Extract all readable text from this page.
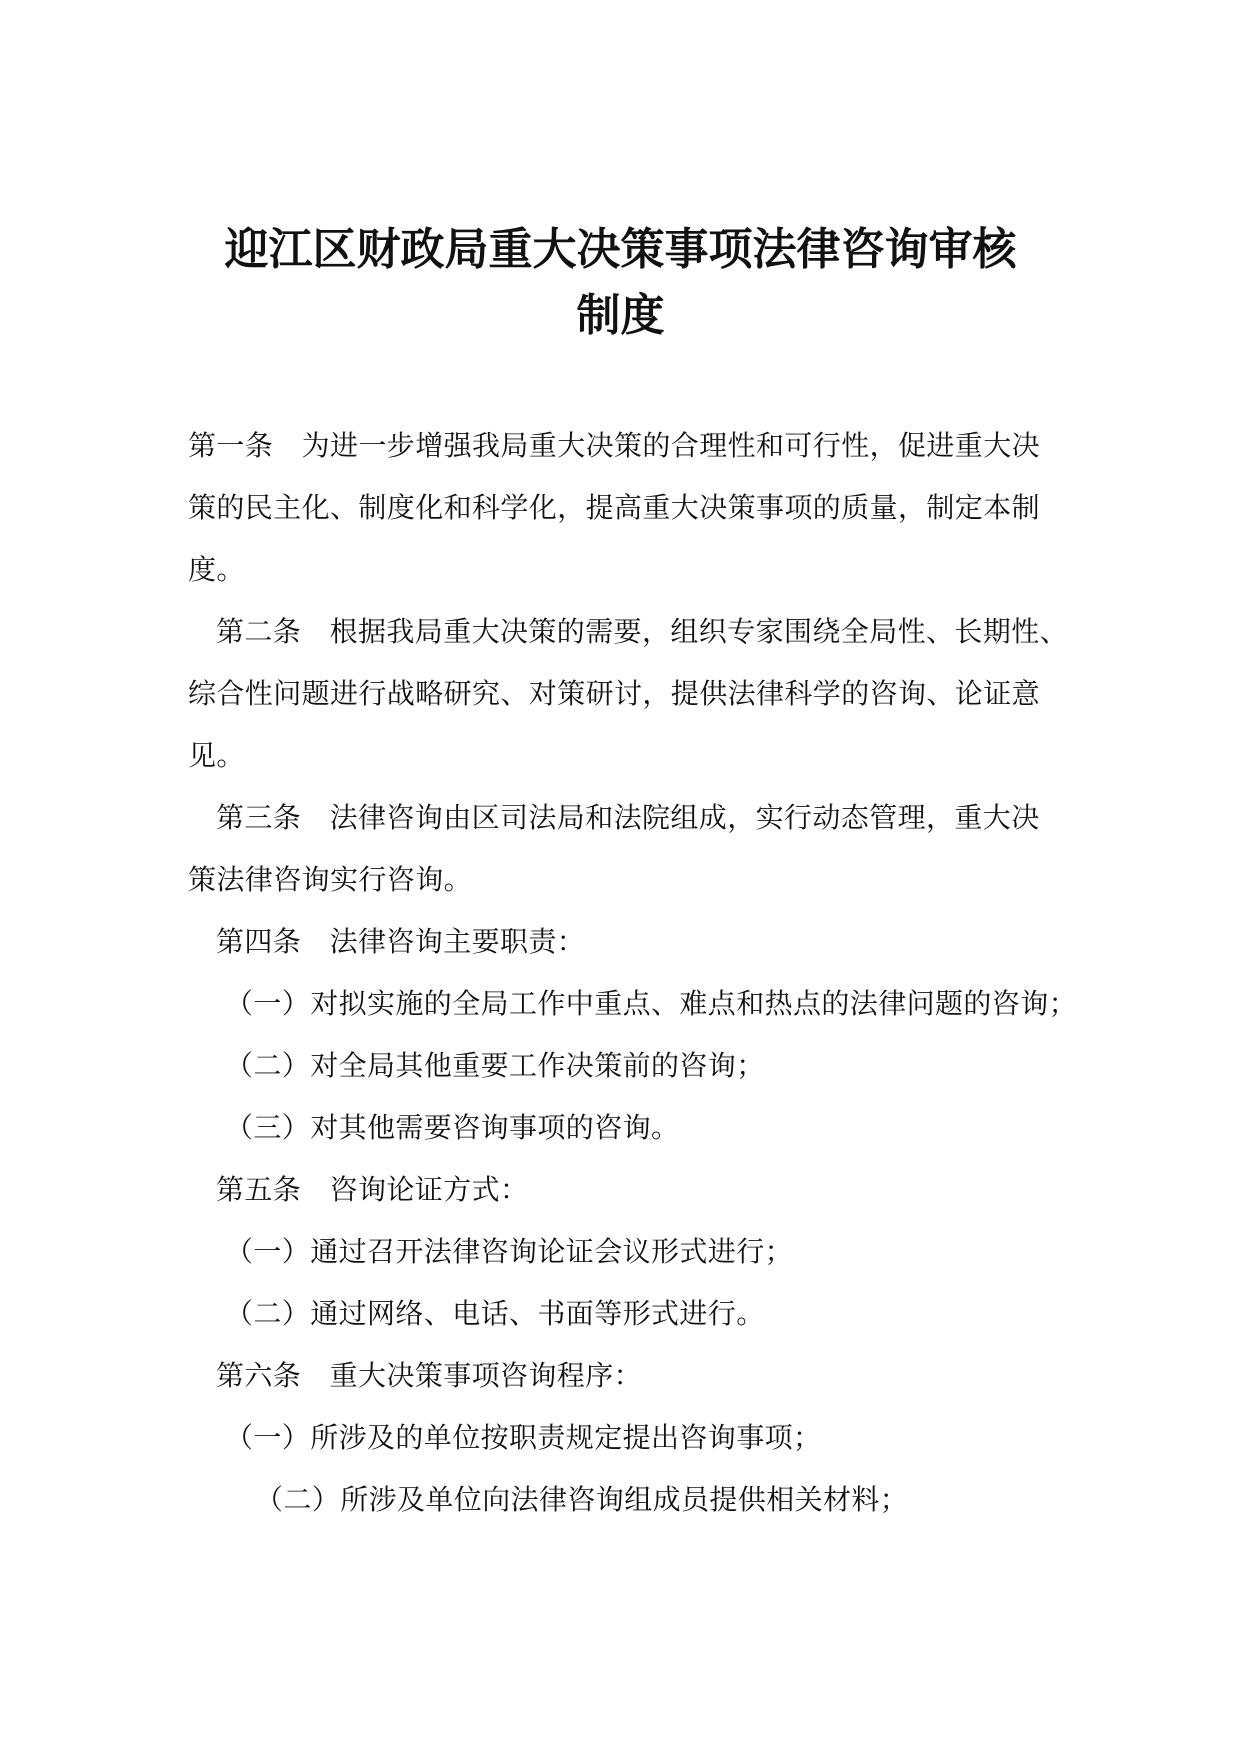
迎江区财政局重大决策事项法律咨询审核
制度
第一条　为进一步增强我局重大决策的合理性和可行性，促进重大决
策的民主化、制度化和科学化，提高重大决策事项的质量，制定本制
度。
第二条　根据我局重大决策的需要，组织专家围绕全局性、长期性、
综合性问题进行战略研究、对策研讨，提供法律科学的咨询、论证意
见。
第三条　法律咨询由区司法局和法院组成，实行动态管理，重大决
策法律咨询实行咨询。
第四条　法律咨询主要职责：
（一）对拟实施的全局工作中重点、难点和热点的法律问题的咨询；
（二）对全局其他重要工作决策前的咨询；
（三）对其他需要咨询事项的咨询。
第五条　咨询论证方式：
（一）通过召开法律咨询论证会议形式进行；
（二）通过网络、电话、书面等形式进行。
第六条　重大决策事项咨询程序：
（一）所涉及的单位按职责规定提出咨询事项；
（二）所涉及单位向法律咨询组成员提供相关材料；
